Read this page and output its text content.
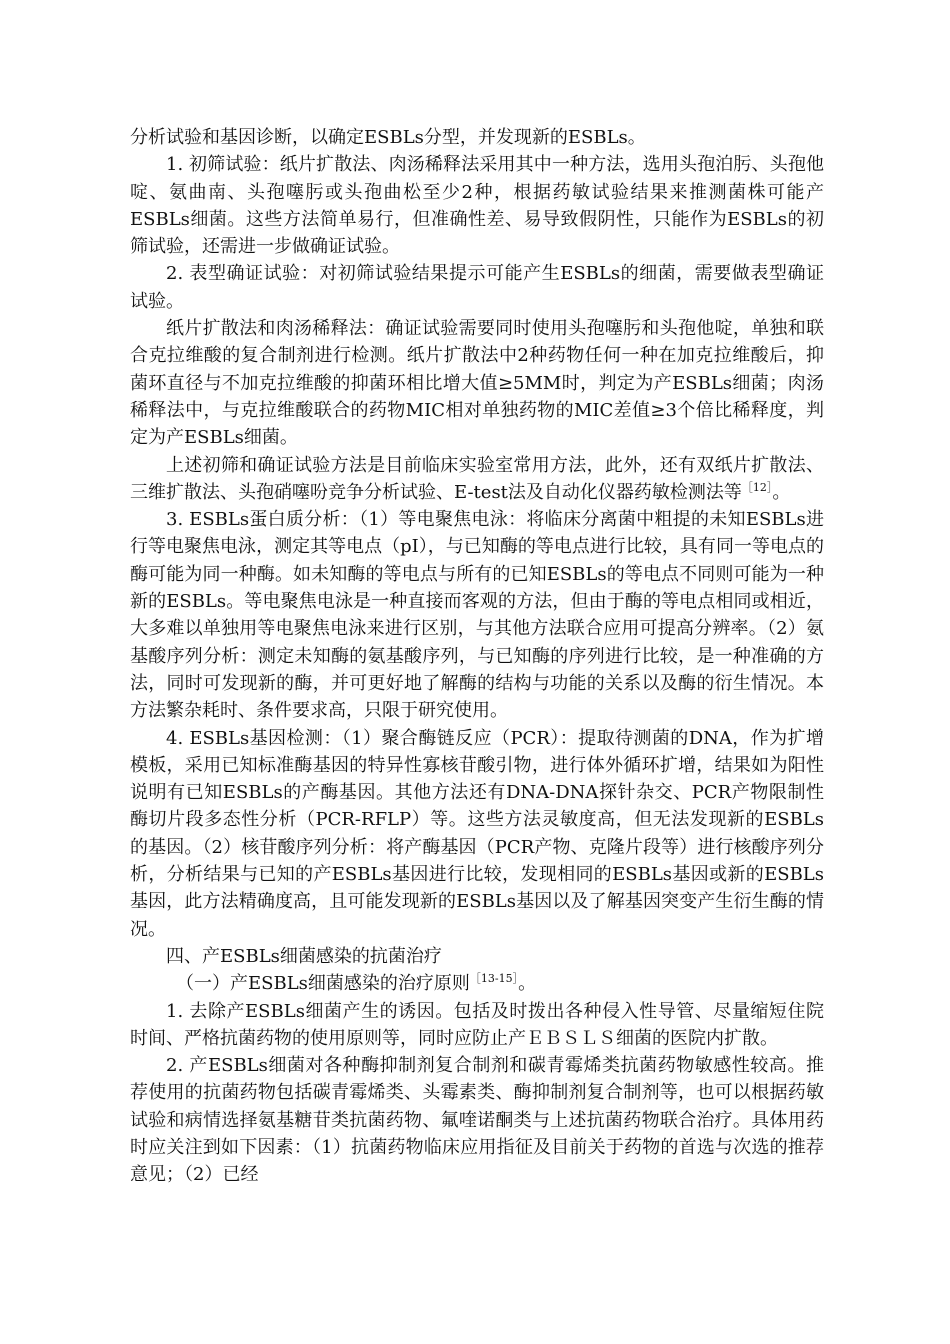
分析试验和基因诊断，以确定ESBLs分型，并发现新的ESBLs。

1. 初筛试验：纸片扩散法、肉汤稀释法采用其中一种方法，选用头孢泊肟、头孢他啶、氨曲南、头孢噻肟或头孢曲松至少2种，根据药敏试验结果来推测菌株可能产ESBLs细菌。这些方法简单易行，但准确性差、易导致假阴性，只能作为ESBLs的初筛试验，还需进一步做确证试验。

2. 表型确证试验：对初筛试验结果提示可能产生ESBLs的细菌，需要做表型确证试验。

纸片扩散法和肉汤稀释法：确证试验需要同时使用头孢噻肟和头孢他啶，单独和联合克拉维酸的复合制剂进行检测。纸片扩散法中2种药物任何一种在加克拉维酸后，抑菌环直径与不加克拉维酸的抑菌环相比增大值≥5MM时，判定为产ESBLs细菌；肉汤稀释法中，与克拉维酸联合的药物MIC相对单独药物的MIC差值≥3个倍比稀释度，判定为产ESBLs细菌。

上述初筛和确证试验方法是目前临床实验室常用方法，此外，还有双纸片扩散法、三维扩散法、头孢硝噻吩竞争分析试验、E-test法及自动化仪器药敏检测法等$^{[12]}$。

3. ESBLs蛋白质分析：（1）等电聚焦电泳：将临床分离菌中粗提的未知ESBLs进行等电聚焦电泳，测定其等电点（pI），与已知酶的等电点进行比较，具有同一等电点的酶可能为同一种酶。如未知酶的等电点与所有的已知ESBLs的等电点不同则可能为一种新的ESBLs。等电聚焦电泳是一种直接而客观的方法，但由于酶的等电点相同或相近，大多难以单独用等电聚焦电泳来进行区别，与其他方法联合应用可提高分辨率。（2）氨基酸序列分析：测定未知酶的氨基酸序列，与已知酶的序列进行比较，是一种准确的方法，同时可发现新的酶，并可更好地了解酶的结构与功能的关系以及酶的衍生情况。本方法繁杂耗时、条件要求高，只限于研究使用。

4. ESBLs基因检测：（1）聚合酶链反应（PCR）：提取待测菌的DNA，作为扩增模板，采用已知标准酶基因的特异性寡核苷酸引物，进行体外循环扩增，结果如为阳性说明有已知ESBLs的产酶基因。其他方法还有DNA-DNA探针杂交、PCR产物限制性酶切片段多态性分析（PCR-RFLP）等。这些方法灵敏度高，但无法发现新的ESBLs的基因。（2）核苷酸序列分析：将产酶基因（PCR产物、克隆片段等）进行核酸序列分析，分析结果与已知的产ESBLs基因进行比较，发现相同的ESBLs基因或新的ESBLs基因，此方法精确度高，且可能发现新的ESBLs基因以及了解基因突变产生衍生酶的情况。

四、产ESBLs细菌感染的抗菌治疗

（一）产ESBLs细菌感染的治疗原则$^{[13-15]}$。

1. 去除产ESBLs细菌产生的诱因。包括及时拨出各种侵入性导管、尽量缩短住院时间、严格抗菌药物的使用原则等，同时应防止产ＥＢＳＬＳ细菌的医院内扩散。

2. 产ESBLs细菌对各种酶抑制剂复合制剂和碳青霉烯类抗菌药物敏感性较高。推荐使用的抗菌药物包括碳青霉烯类、头霉素类、酶抑制剂复合制剂等，也可以根据药敏试验和病情选择氨基糖苷类抗菌药物、氟喹诺酮类与上述抗菌药物联合治疗。具体用药时应关注到如下因素：（1）抗菌药物临床应用指征及目前关于药物的首选与次选的推荐意见；（2）已经
